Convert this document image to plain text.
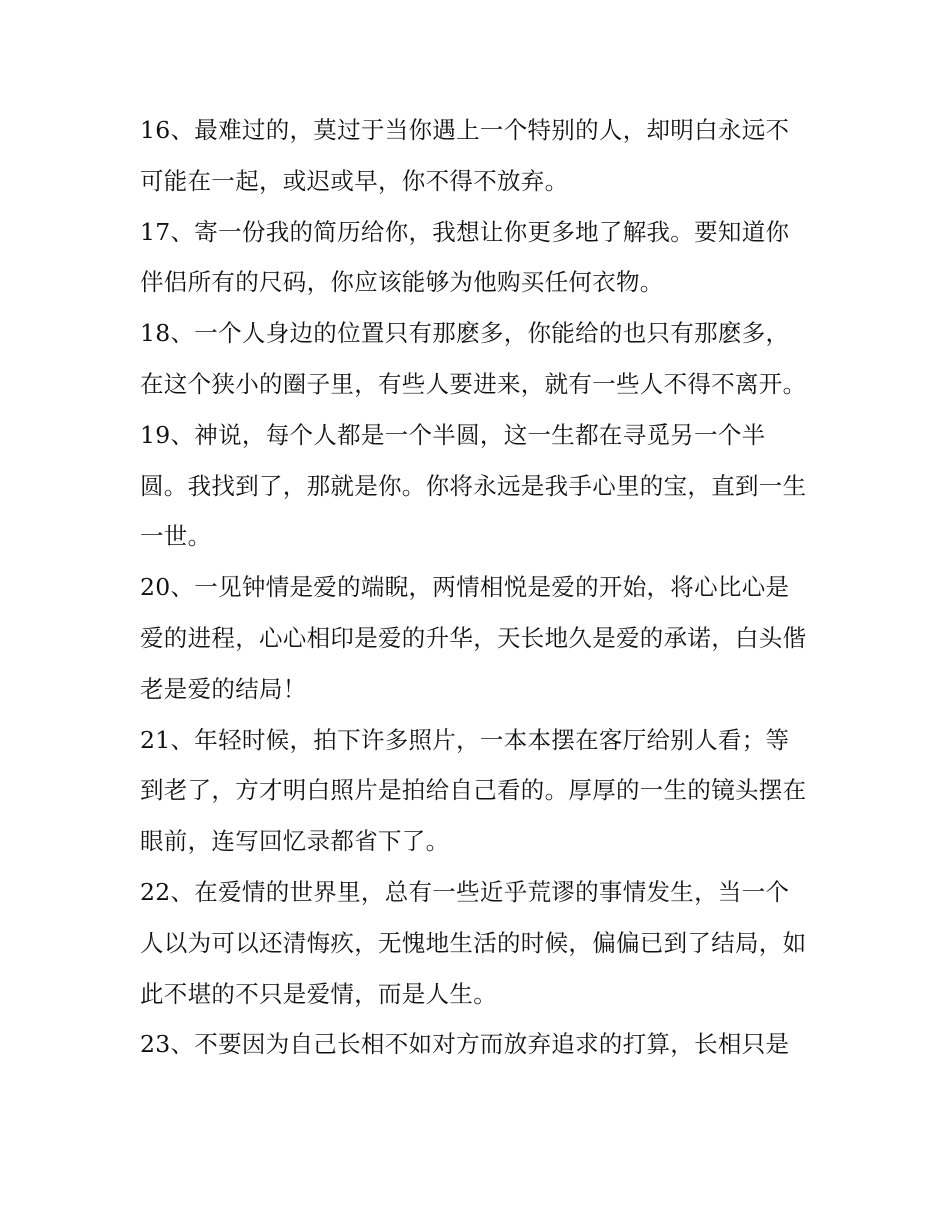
16、最难过的，莫过于当你遇上一个特别的人，却明白永远不可能在一起，或迟或早，你不得不放弃。

17、寄一份我的简历给你，我想让你更多地了解我。要知道你伴侣所有的尺码，你应该能够为他购买任何衣物。

18、一个人身边的位置只有那麽多，你能给的也只有那麽多，在这个狭小的圈子里，有些人要进来，就有一些人不得不离开。

19、神说，每个人都是一个半圆，这一生都在寻觅另一个半圆。我找到了，那就是你。你将永远是我手心里的宝，直到一生一世。

20、一见钟情是爱的端睨，两情相悦是爱的开始，将心比心是爱的进程，心心相印是爱的升华，天长地久是爱的承诺，白头偕老是爱的结局！

21、年轻时候，拍下许多照片，一本本摆在客厅给别人看；等到老了，方才明白照片是拍给自己看的。厚厚的一生的镜头摆在眼前，连写回忆录都省下了。

22、在爱情的世界里，总有一些近乎荒谬的事情发生，当一个人以为可以还清悔疚，无愧地生活的时候，偏偏已到了结局，如此不堪的不只是爱情，而是人生。

23、不要因为自己长相不如对方而放弃追求的打算，长相只是
